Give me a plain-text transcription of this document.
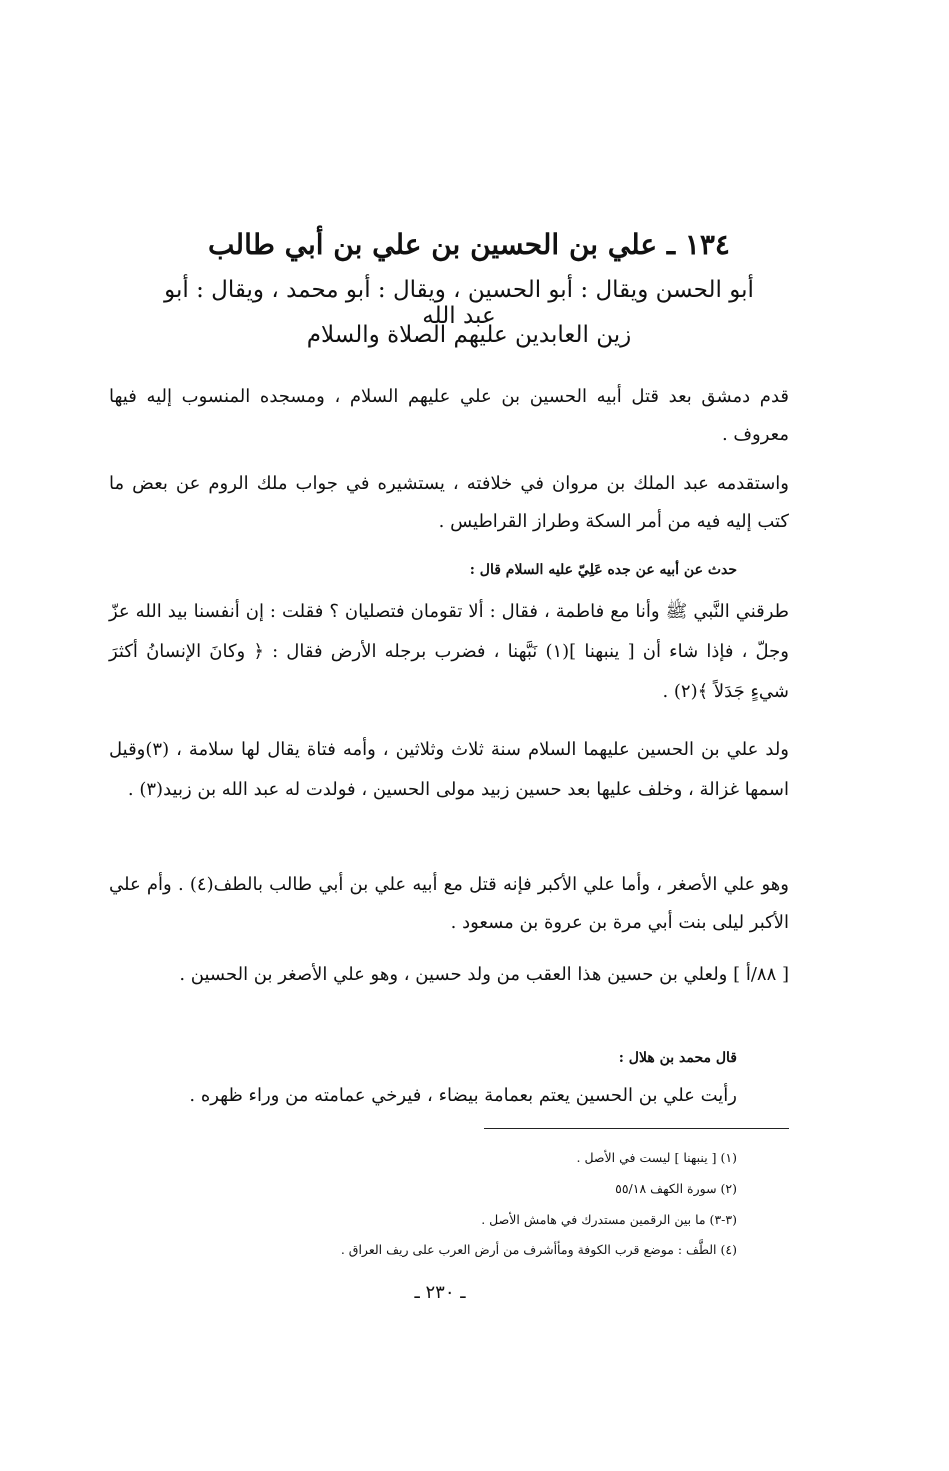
١٣٤ ـ علي بن الحسين بن علي بن أبي طالب
أبو الحسن ويقال : أبو الحسين ، ويقال : أبو محمد ، ويقال : أبو عبد الله
زين العابدين عليهم الصلاة والسلام
قدم دمشق بعد قتل أبيه الحسين بن علي عليهم السلام ، ومسجده المنسوب إليه فيها معروف .
واستقدمه عبد الملك بن مروان في خلافته ، يستشيره في جواب ملك الروم عن بعض ما كتب إليه فيه من أمر السكة وطراز القراطيس .
حدث عن أبيه عن جده عَلِيّ عليه السلام قال :
طرقني النَّبي ﷺ وأنا مع فاطمة ، فقال : ألا تقومان فتصليان ؟ فقلت : إن أنفسنا بيد الله عزّ وجلّ ، فإذا شاء أن [ ينبهنا ](١) نَبَّهنا ، فضرب برجله الأرض فقال : ﴿ وكانَ الإنسانُ أكثرَ شيءٍ جَدَلاً ﴾(٢) .
ولد علي بن الحسين عليهما السلام سنة ثلاث وثلاثين ، وأمه فتاة يقال لها سلامة ، (٣)وقيل اسمها غزالة ، وخلف عليها بعد حسين زبيد مولى الحسين ، فولدت له عبد الله بن زبيد(٣) .
وهو علي الأصغر ، وأما علي الأكبر فإنه قتل مع أبيه علي بن أبي طالب بالطف(٤) . وأم علي الأكبر ليلى بنت أبي مرة بن عروة بن مسعود .
[ ٨٨/أ ] ولعلي بن حسين هذا العقب من ولد حسين ، وهو علي الأصغر بن الحسين .
قال محمد بن هلال :
رأيت علي بن الحسين يعتم بعمامة بيضاء ، فيرخي عمامته من وراء ظهره .
(١) [ ينبهنا ] ليست في الأصل .
(٢) سورة الكهف ٥٥/١٨
(٣-٣) ما بين الرقمين مستدرك في هامش الأصل .
(٤) الطَّف : موضع قرب الكوفة ومأأشرف من أرض العرب على ريف العراق .
ـ ٢٣٠ ـ
